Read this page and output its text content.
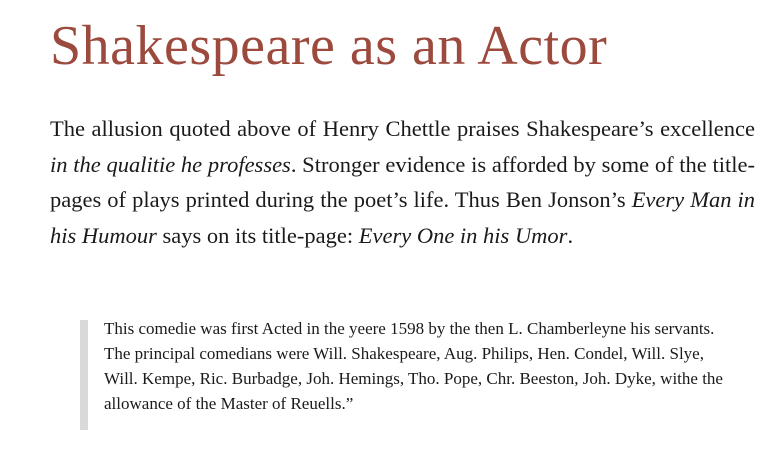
Shakespeare as an Actor

The allusion quoted above of Henry Chettle praises Shakespeare’s excellence in the qualitie he professes. Stronger evidence is afforded by some of the title-pages of plays printed during the poet’s life. Thus Ben Jonson’s Every Man in his Humour says on its title-page: Every One in his Umor.

This comedie was first Acted in the yeere 1598 by the then L. Chamberleyne his servants. The principal comedians were Will. Shakespeare, Aug. Philips, Hen. Condel, Will. Slye, Will. Kempe, Ric. Burbadge, Joh. Hemings, Tho. Pope, Chr. Beeston, Joh. Dyke, withe the allowance of the Master of Reuells.”
